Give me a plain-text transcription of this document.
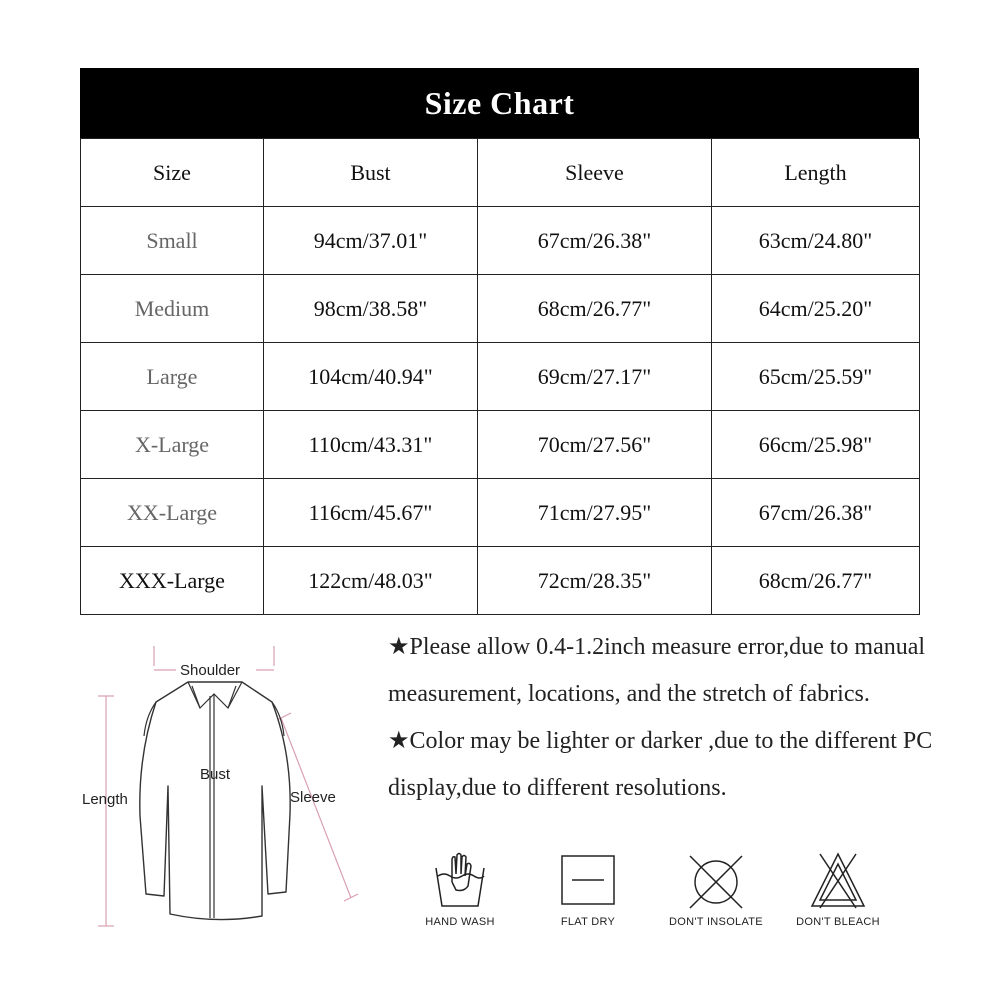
Size Chart
Size	Bust	Sleeve	Length
Small	94cm/37.01"	67cm/26.38"	63cm/24.80"
Medium	98cm/38.58"	68cm/26.77"	64cm/25.20"
Large	104cm/40.94"	69cm/27.17"	65cm/25.59"
X-Large	110cm/43.31"	70cm/27.56"	66cm/25.98"
XX-Large	116cm/45.67"	71cm/27.95"	67cm/26.38"
XXX-Large	122cm/48.03"	72cm/28.35"	68cm/26.77"
Shoulder
Bust
Length	Sleeve

★Please allow 0.4-1.2inch measure error,due to manual measurement, locations, and the stretch of fabrics.

★Color may be lighter or darker ,due to the different PC display,due to different resolutions.

HAND WASH	FLAT DRY	DON'T INSOLATE	DON'T BLEACH
